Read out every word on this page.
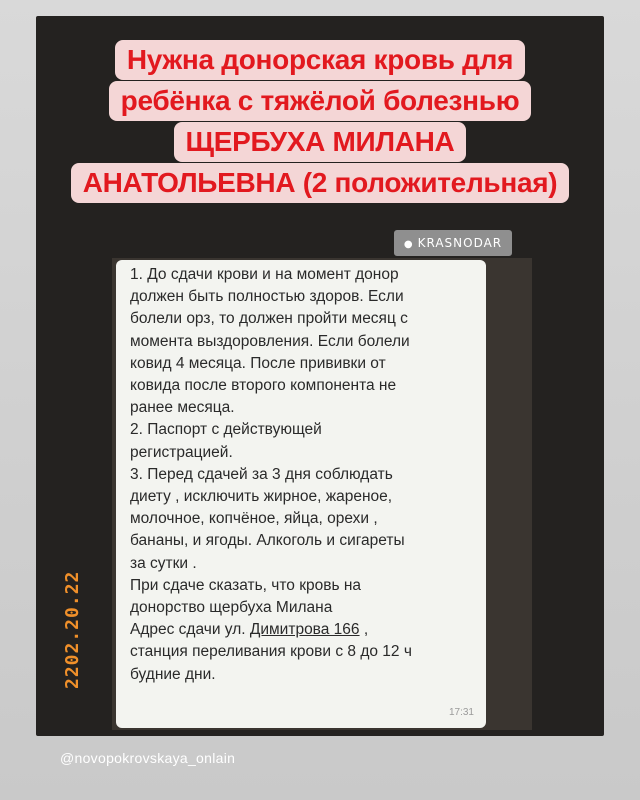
Нужна донорская кровь для
ребёнка с тяжёлой болезнью
ЩЕРБУХА МИЛАНА
АНАТОЛЬЕВНА (2 положительная)
● KRASNODAR
1. До сдачи крови и на момент донор
должен быть полностью здоров. Если
болели орз, то должен пройти месяц с
момента выздоровления. Если болели
ковид 4 месяца. После прививки от
ковида после второго компонента не
ранее месяца.
2. Паспорт с действующей
регистрацией.
3. Перед сдачей за 3 дня соблюдать
диету , исключить жирное, жареное,
молочное, копчёное, яйца, орехи ,
бананы, и ягоды. Алкоголь и сигареты
за сутки .
При сдаче сказать, что кровь на
донорство щербуха Милана
Адрес сдачи ул. Димитрова 166 ,
станция переливания крови с 8 до 12 ч
будние дни.
17:31
2202.20.22
@novopokrovskaya_onlain
